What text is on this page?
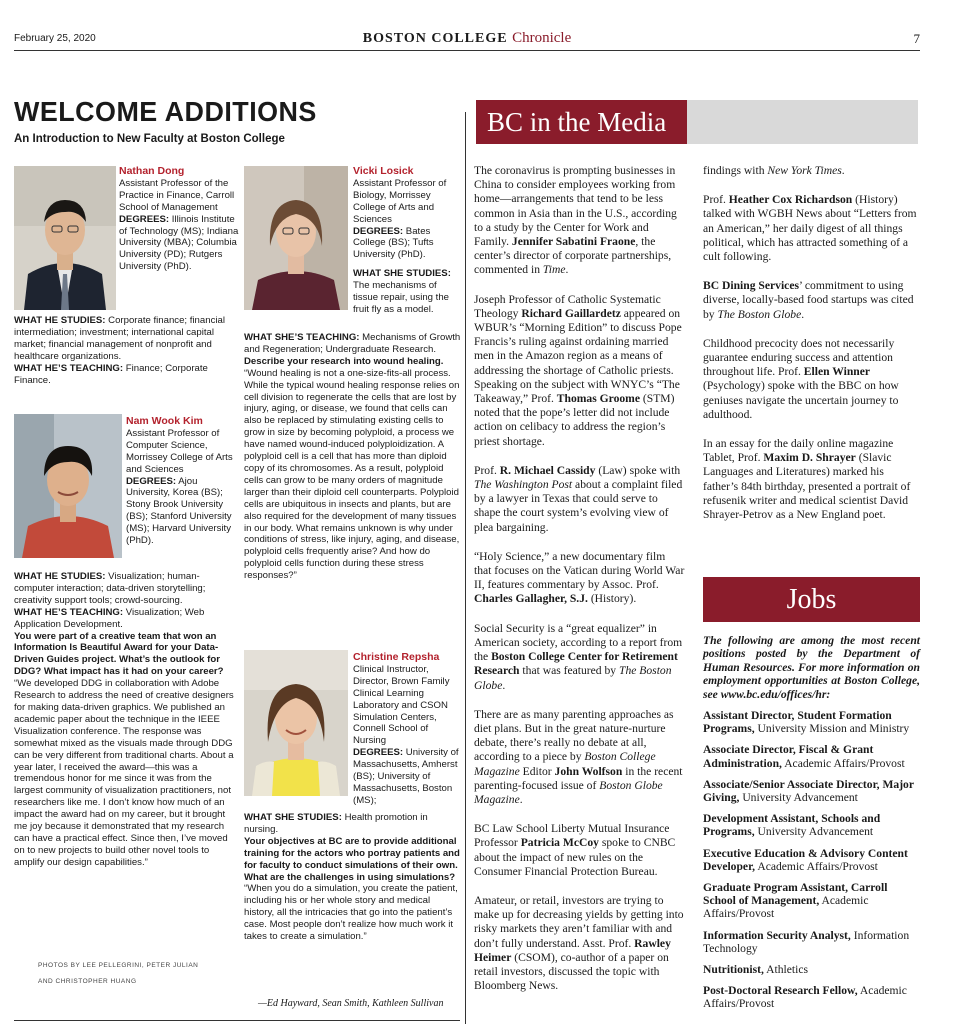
February 25, 2020	BOSTON COLLEGE Chronicle	7
WELCOME ADDITIONS
An Introduction to New Faculty at Boston College
Nathan Dong
Assistant Professor of the Practice in Finance, Carroll School of Management
DEGREES: Illinois Institute of Technology (MS); Indiana University (MBA); Columbia University (PD); Rutgers University (PhD).
WHAT HE STUDIES: Corporate finance; financial intermediation; investment; international capital market; financial management of nonprofit and healthcare organizations.
WHAT HE’S TEACHING: Finance; Corporate Finance.
Nam Wook Kim
Assistant Professor of Computer Science, Morrissey College of Arts and Sciences
DEGREES: Ajou University, Korea (BS); Stony Brook University (BS); Stanford University (MS); Harvard University (PhD).
WHAT HE STUDIES: Visualization; human-computer interaction; data-driven storytelling; creativity support tools; crowd-sourcing.
WHAT HE’S TEACHING: Visualization; Web Application Development.
You were part of a creative team that won an Information Is Beautiful Award for your Data-Driven Guides project. What’s the outlook for DDG? What impact has it had on your career?
“We developed DDG in collaboration with Adobe Research to address the need of creative designers for making data-driven graphics. We published an academic paper about the technique in the IEEE Visualization conference. The response was somewhat mixed as the visuals made through DDG can be very different from traditional charts. About a year later, I received the award—this was a tremendous honor for me since it was from the largest community of visualization practitioners, not researchers like me. I don’t know how much of an impact the award had on my career, but it brought me joy because it demonstrated that my research can have a practical effect. Since then, I’ve moved on to new projects to build other novel tools to amplify our design capabilities.”
Vicki Losick
Assistant Professor of Biology, Morrissey College of Arts and Sciences
DEGREES: Bates College (BS); Tufts University (PhD).
WHAT SHE STUDIES: The mechanisms of tissue repair, using the fruit fly as a model.
WHAT SHE’S TEACHING: Mechanisms of Growth and Regeneration; Undergraduate Research.
Describe your research into wound healing.
“Wound healing is not a one-size-fits-all process. While the typical wound healing response relies on cell division to regenerate the cells that are lost by injury, aging, or disease, we found that cells can also be replaced by stimulating existing cells to grow in size by becoming polyploid, a process we have named wound-induced polyploidization. A polyploid cell is a cell that has more than diploid copy of its chromosomes. As a result, polyploid cells can grow to be many orders of magnitude larger than their diploid cell counterparts. Polyploid cells are ubiquitous in insects and plants, but are also required for the development of many tissues in our body. What remains unknown is why under conditions of stress, like injury, aging, and disease, polyploid cells frequently arise? And how do polyploid cells function during these stress responses?”
Christine Repsha
Clinical Instructor, Director, Brown Family Clinical Learning Laboratory and CSON Simulation Centers, Connell School of Nursing
DEGREES: University of Massachusetts, Amherst (BS); University of Massachusetts, Boston (MS);
WHAT SHE STUDIES: Health promotion in nursing.
Your objectives at BC are to provide additional training for the actors who portray patients and for faculty to conduct simulations of their own. What are the challenges in using simulations?
“When you do a simulation, you create the patient, including his or her whole story and medical history, all the intricacies that go into the patient’s case. Most people don’t realize how much work it takes to create a simulation.”
PHOTOS BY LEE PELLEGRINI, PETER JULIAN
AND CHRISTOPHER HUANG
—Ed Hayward, Sean Smith, Kathleen Sullivan
BC in the Media

The coronavirus is prompting businesses in China to consider employees working from home—arrangements that tend to be less common in Asia than in the U.S., according to a study by the Center for Work and Family. Jennifer Sabatini Fraone, the center’s director of corporate partnerships, commented in Time.

Joseph Professor of Catholic Systematic Theology Richard Gaillardetz appeared on WBUR’s “Morning Edition” to discuss Pope Francis’s ruling against ordaining married men in the Amazon region as a means of addressing the shortage of Catholic priests. Speaking on the subject with WNYC’s “The Takeaway,” Prof. Thomas Groome (STM) noted that the pope’s letter did not include action on celibacy to address the region’s priest shortage.

Prof. R. Michael Cassidy (Law) spoke with The Washington Post about a complaint filed by a lawyer in Texas that could serve to shape the court system’s evolving view of plea bargaining.

“Holy Science,” a new documentary film that focuses on the Vatican during World War II, features commentary by Assoc. Prof. Charles Gallagher, S.J. (History).

Social Security is a “great equalizer” in American society, according to a report from the Boston College Center for Retirement Research that was featured by The Boston Globe.

There are as many parenting approaches as diet plans. But in the great nature-nurture debate, there’s really no debate at all, according to a piece by Boston College Magazine Editor John Wolfson in the recent parenting-focused issue of Boston Globe Magazine.

BC Law School Liberty Mutual Insurance Professor Patricia McCoy spoke to CNBC about the impact of new rules on the Consumer Financial Protection Bureau.

Amateur, or retail, investors are trying to make up for decreasing yields by getting into risky markets they aren’t familiar with and don’t fully understand. Asst. Prof. Rawley Heimer (CSOM), co-author of a paper on retail investors, discussed the topic with Bloomberg News.

findings with New York Times.

Prof. Heather Cox Richardson (History) talked with WGBH News about “Letters from an American,” her daily digest of all things political, which has attracted something of a cult following.

BC Dining Services’ commitment to using diverse, locally-based food startups was cited by The Boston Globe.

Childhood precocity does not necessarily guarantee enduring success and attention throughout life. Prof. Ellen Winner (Psychology) spoke with the BBC on how geniuses navigate the uncertain journey to adulthood.

In an essay for the daily online magazine Tablet, Prof. Maxim D. Shrayer (Slavic Languages and Literatures) marked his father’s 84th birthday, presented a portrait of refusenik writer and medical scientist David Shrayer-Petrov as a New England poet.

Jobs
The following are among the most recent positions posted by the Department of Human Resources. For more information on employment opportunities at Boston College, see www.bc.edu/offices/hr:
Assistant Director, Student Formation Programs, University Mission and Ministry
Associate Director, Fiscal & Grant Administration, Academic Affairs/Provost
Associate/Senior Associate Director, Major Giving, University Advancement
Development Assistant, Schools and Programs, University Advancement
Executive Education & Advisory Content Developer, Academic Affairs/Provost
Graduate Program Assistant, Carroll School of Management, Academic Affairs/Provost
Information Security Analyst, Information Technology
Nutritionist, Athletics
Post-Doctoral Research Fellow, Academic Affairs/Provost
